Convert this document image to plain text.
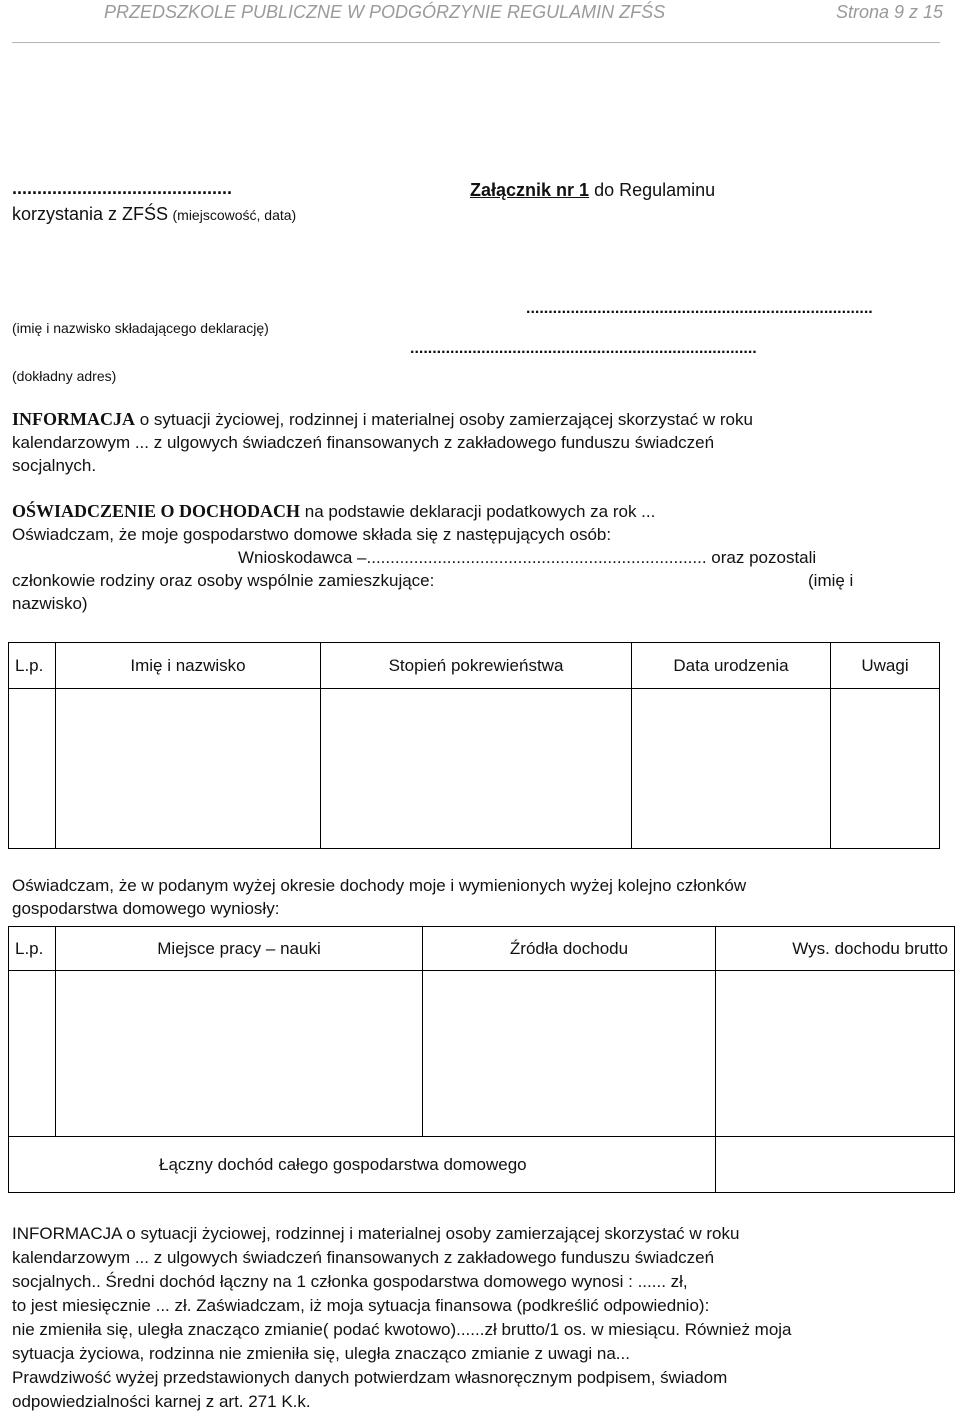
PRZEDSZKOLE PUBLICZNE W PODGÓRZYNIE REGULAMIN ZFŚS	Strona 9 z 15
............................................
korzystania z ZFŚS (miejscowość, data)
Załącznik nr 1 do Regulaminu
..............................................................................
(imię i nazwisko składającego deklarację)
..............................................................................
(dokładny adres)
INFORMACJA o sytuacji życiowej, rodzinnej i materialnej osoby zamierzającej skorzystać w roku
kalendarzowym ... z ulgowych świadczeń finansowanych z zakładowego funduszu świadczeń
socjalnych.
OŚWIADCZENIE O DOCHODACH na podstawie deklaracji podatkowych za rok ...
Oświadczam, że moje gospodarstwo domowe składa się z następujących osób:
Wnioskodawca –........................................................................ oraz pozostali
członkowie rodziny oraz osoby wspólnie zamieszkujące:	(imię i
nazwisko)
L.p.	Imię i nazwisko	Stopień pokrewieństwa	Data urodzenia	Uwagi

Oświadczam, że w podanym wyżej okresie dochody moje i wymienionych wyżej kolejno członków
gospodarstwa domowego wyniosły:
L.p.	Miejsce pracy – nauki	Źródła dochodu	Wys. dochodu brutto

Łączny dochód całego gospodarstwa domowego			
INFORMACJA o sytuacji życiowej, rodzinnej i materialnej osoby zamierzającej skorzystać w roku
kalendarzowym ... z ulgowych świadczeń finansowanych z zakładowego funduszu świadczeń
socjalnych.. Średni dochód łączny na 1 członka gospodarstwa domowego wynosi : ...... zł,
to jest miesięcznie ... zł. Zaświadczam, iż moja sytuacja finansowa (podkreślić odpowiednio):
nie zmieniła się, uległa znacząco zmianie( podać kwotowo)......zł brutto/1 os. w miesiącu. Również moja
sytuacja życiowa, rodzinna nie zmieniła się, uległa znacząco zmianie z uwagi na...
Prawdziwość wyżej przedstawionych danych potwierdzam własnoręcznym podpisem, świadom
odpowiedzialności karnej z art. 271 K.k.
